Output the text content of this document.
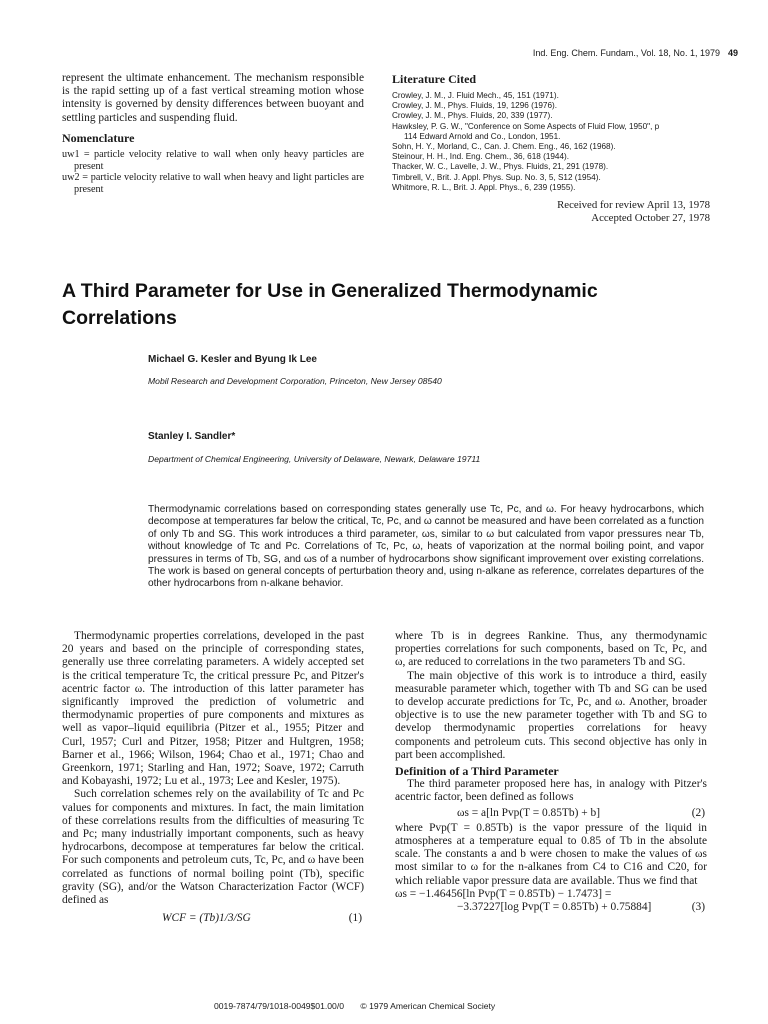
Ind. Eng. Chem. Fundam., Vol. 18, No. 1, 1979 49

represent the ultimate enhancement. The mechanism responsible is the rapid setting up of a fast vertical streaming motion whose intensity is governed by density differences between buoyant and settling particles and suspending fluid.

Nomenclature
uw1 = particle velocity relative to wall when only heavy particles are present
uw2 = particle velocity relative to wall when heavy and light particles are present
Literature Cited
Crowley, J. M., J. Fluid Mech., 45, 151 (1971).
Crowley, J. M., Phys. Fluids, 19, 1296 (1976).
Crowley, J. M., Phys. Fluids, 20, 339 (1977).
Hawksley, P. G. W., "Conference on Some Aspects of Fluid Flow, 1950", p
114 Edward Arnold and Co., London, 1951.
Sohn, H. Y., Morland, C., Can. J. Chem. Eng., 46, 162 (1968).
Steinour, H. H., Ind. Eng. Chem., 36, 618 (1944).
Thacker, W. C., Lavelle, J. W., Phys. Fluids, 21, 291 (1978).
Timbrell, V., Brit. J. Appl. Phys. Sup. No. 3, 5, S12 (1954).
Whitmore, R. L., Brit. J. Appl. Phys., 6, 239 (1955).
Received for review April 13, 1978
Accepted October 27, 1978
A Third Parameter for Use in Generalized Thermodynamic
Correlations
Michael G. Kesler and Byung Ik Lee
Mobil Research and Development Corporation, Princeton, New Jersey 08540
Stanley I. Sandler*
Department of Chemical Engineering, University of Delaware, Newark, Delaware 19711
Thermodynamic correlations based on corresponding states generally use Tc, Pc, and ω. For heavy hydrocarbons, which decompose at temperatures far below the critical, Tc, Pc, and ω cannot be measured and have been correlated as a function of only Tb and SG. This work introduces a third parameter, ωs, similar to ω but calculated from vapor pressures near Tb, without knowledge of Tc and Pc. Correlations of Tc, Pc, ω, heats of vaporization at the normal boiling point, and vapor pressures in terms of Tb, SG, and ωs of a number of hydrocarbons show significant improvement over existing correlations. The work is based on general concepts of perturbation theory and, using n-alkane as reference, correlates departures of the other hydrocarbons from n-alkane behavior.

Thermodynamic properties correlations, developed in the past 20 years and based on the principle of corresponding states, generally use three correlating parameters. A widely accepted set is the critical temperature Tc, the critical pressure Pc, and Pitzer's acentric factor ω. The introduction of this latter parameter has significantly improved the prediction of volumetric and thermodynamic properties of pure components and mixtures as well as vapor–liquid equilibria (Pitzer et al., 1955; Pitzer and Curl, 1957; Curl and Pitzer, 1958; Pitzer and Hultgren, 1958; Barner et al., 1966; Wilson, 1964; Chao et al., 1971; Chao and Greenkorn, 1971; Starling and Han, 1972; Soave, 1972; Carruth and Kobayashi, 1972; Lu et al., 1973; Lee and Kesler, 1975).

Such correlation schemes rely on the availability of Tc and Pc values for components and mixtures. In fact, the main limitation of these correlations results from the difficulties of measuring Tc and Pc; many industrially important components, such as heavy hydrocarbons, decompose at temperatures far below the critical. For such components and petroleum cuts, Tc, Pc, and ω have been correlated as functions of normal boiling point (Tb), specific gravity (SG), and/or the Watson Characterization Factor (WCF) defined as

WCF = (Tb)1/3/SG	(1)

where Tb is in degrees Rankine. Thus, any thermodynamic properties correlations for such components, based on Tc, Pc, and ω, are reduced to correlations in the two parameters Tb and SG.

The main objective of this work is to introduce a third, easily measurable parameter which, together with Tb and SG can be used to develop accurate predictions for Tc, Pc, and ω. Another, broader objective is to use the new parameter together with Tb and SG to develop thermodynamic properties correlations for heavy components and petroleum cuts. This second objective has only in part been accomplished.

Definition of a Third Parameter

The third parameter proposed here has, in analogy with Pitzer's acentric factor, been defined as follows

ωs = a[ln Pvp(T = 0.85Tb) + b]	(2)

where Pvp(T = 0.85Tb) is the vapor pressure of the liquid in atmospheres at a temperature equal to 0.85 of Tb in the absolute scale. The constants a and b were chosen to make the values of ωs most similar to ω for the n-alkanes from C4 to C16 and C20, for which reliable vapor pressure data are available. Thus we find that

ωs = −1.46456[ln Pvp(T = 0.85Tb) − 1.7473] =
−3.37227[log Pvp(T = 0.85Tb) + 0.75884]	(3)
0019-7874/79/1018-0049$01.00/0 © 1979 American Chemical Society
